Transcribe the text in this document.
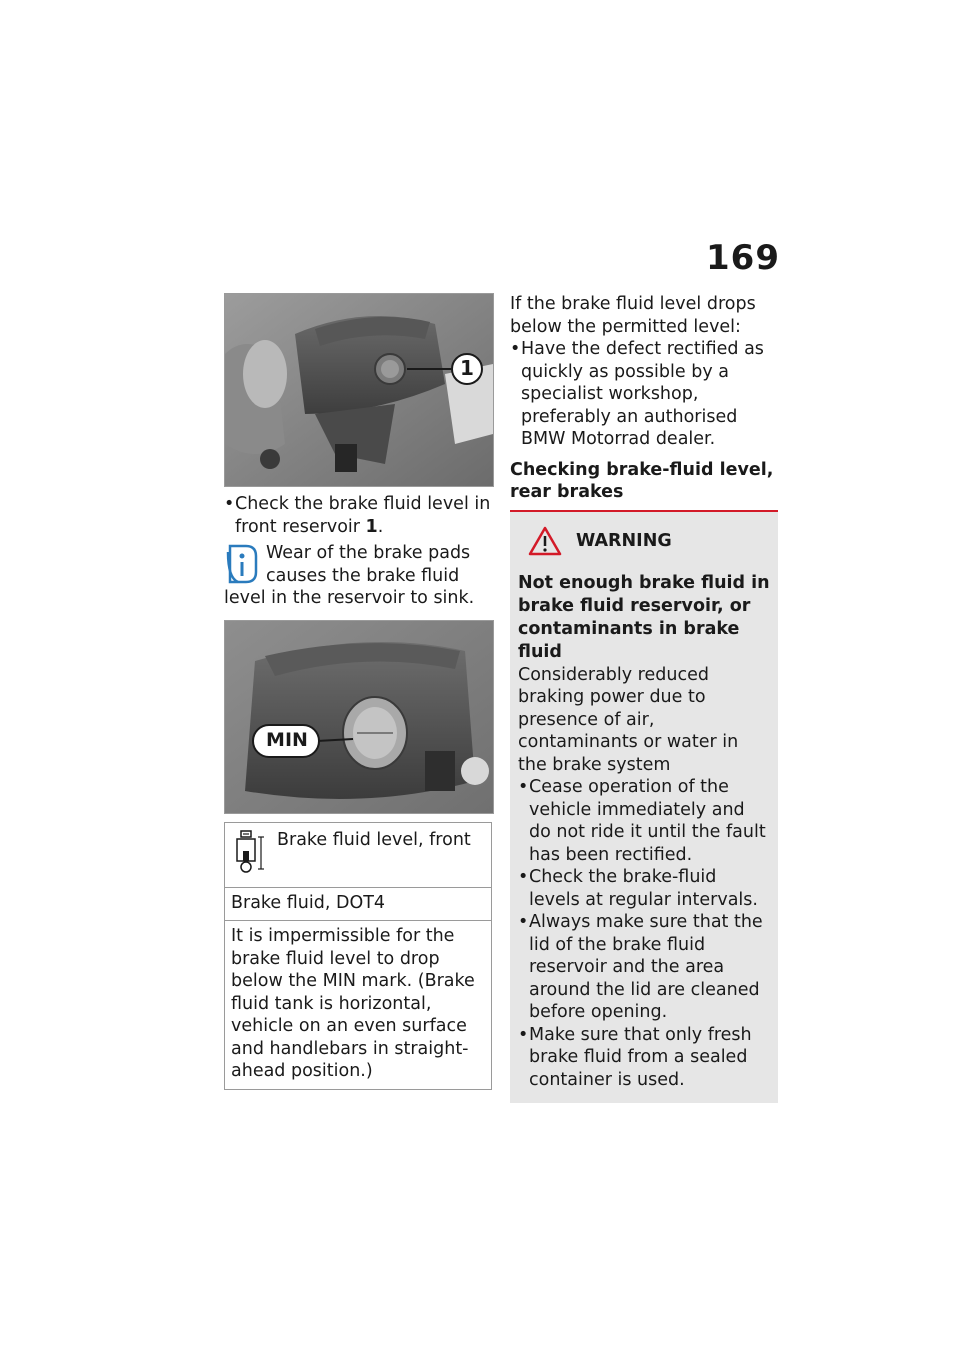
169
1
• Check the brake fluid level in front reservoir 1.
Wear of the brake pads causes the brake fluid level in the reservoir to sink.
MIN
Brake fluid level, front
Brake fluid, DOT4
It is impermissible for the brake fluid level to drop below the MIN mark. (Brake fluid tank is horizontal, vehicle on an even surface and handlebars in straight-ahead position.)
If the brake fluid level drops below the permitted level:
• Have the defect rectified as quickly as possible by a specialist workshop, preferably an authorised BMW Motorrad dealer.
Checking brake-fluid level, rear brakes
WARNING
Not enough brake fluid in brake fluid reservoir, or contaminants in brake fluid
Considerably reduced braking power due to presence of air, contaminants or water in the brake system
• Cease operation of the vehicle immediately and do not ride it until the fault has been rectified.
• Check the brake-fluid levels at regular intervals.
• Always make sure that the lid of the brake fluid reservoir and the area around the lid are cleaned before opening.
• Make sure that only fresh brake fluid from a sealed container is used.
